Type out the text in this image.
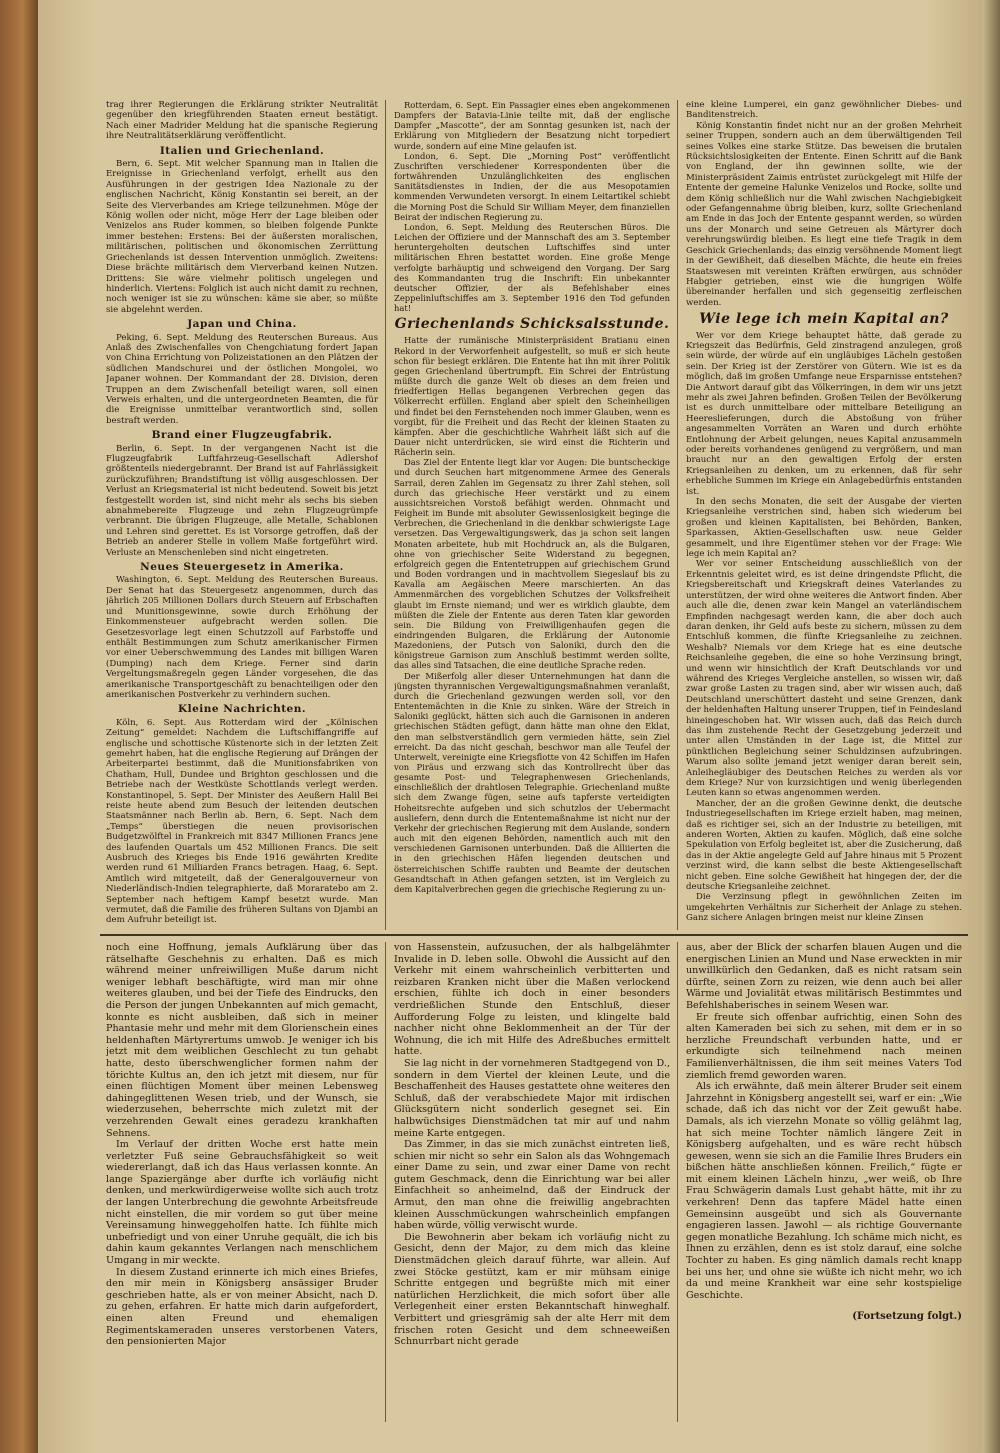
trag ihrer Regierungen die Erklärung strikter Neutralität gegenüber den kriegführenden Staaten erneut bestätigt. Nach einer Madrider Meldung hat die spanische Regierung ihre Neutralitätserklärung veröffentlicht.

Italien und Griechenland.

Bern, 6. Sept. Mit welcher Spannung man in Italien die Ereignisse in Griechenland verfolgt, erhellt aus den Ausführungen in der gestrigen Idea Nazionale zu der englischen Nachricht, König Konstantin sei bereit, an der Seite des Vierverbandes am Kriege teilzunehmen. Möge der König wollen oder nicht, möge Herr der Lage bleiben oder Venizelos ans Ruder kommen, so bleiben folgende Punkte immer bestehen: Erstens: Bei der äußersten moralischen, militärischen, politischen und ökonomischen Zerrüttung Griechenlands ist dessen Intervention unmöglich. Zweitens: Diese brächte militärisch dem Vierverband keinen Nutzen. Drittens: Sie wäre vielmehr politisch ungelegen und hinderlich. Viertens: Folglich ist auch nicht damit zu rechnen, noch weniger ist sie zu wünschen: käme sie aber, so müßte sie abgelehnt werden.

Japan und China.

Peking, 6. Sept. Meldung des Reuterschen Bureaus. Aus Anlaß des Zwischenfalles von Chengchiatung fordert Japan von China Errichtung von Polizeistationen an den Plätzen der südlichen Mandschurei und der östlichen Mongolei, wo Japaner wohnen. Der Kommandant der 28. Division, deren Truppen an dem Zwischenfall beteiligt waren, soll einen Verweis erhalten, und die untergeordneten Beamten, die für die Ereignisse unmittelbar verantwortlich sind, sollen bestraft werden.

Brand einer Flugzeugfabrik.

Berlin, 6. Sept. In der vergangenen Nacht ist die Flugzeugfabrik Luftfahrzeug-Gesellschaft Adlershof größtenteils niedergebrannt. Der Brand ist auf Fahrlässigkeit zurückzuführen; Brandstiftung ist völlig ausgeschlossen. Der Verlust an Kriegsmaterial ist nicht bedeutend. Soweit bis jetzt festgestellt worden ist, sind nicht mehr als sechs bis sieben abnahmebereite Flugzeuge und zehn Flugzeugrümpfe verbrannt. Die übrigen Flugzeuge, alle Metalle, Schablonen und Lehren sind gerettet. Es ist Vorsorge getroffen, daß der Betrieb an anderer Stelle in vollem Maße fortgeführt wird. Verluste an Menschenleben sind nicht eingetreten.

Neues Steuergesetz in Amerika.

Washington, 6. Sept. Meldung des Reuterschen Bureaus. Der Senat hat das Steuergesetz angenommen, durch das jährlich 205 Millionen Dollars durch Steuern auf Erbschaften und Munitionsgewinne, sowie durch Erhöhung der Einkommensteuer aufgebracht werden sollen. Die Gesetzesvorlage legt einen Schutzzoll auf Farbstoffe und enthält Bestimmungen zum Schutz amerikanischer Firmen vor einer Ueberschwemmung des Landes mit billigen Waren (Dumping) nach dem Kriege. Ferner sind darin Vergeltungsmaßregeln gegen Länder vorgesehen, die das amerikanische Transportgeschäft zu benachteiligen oder den amerikanischen Postverkehr zu verhindern suchen.

Kleine Nachrichten.

Köln, 6. Sept. Aus Rotterdam wird der „Kölnischen Zeitung“ gemeldet: Nachdem die Luftschiffangriffe auf englische und schottische Küstenorte sich in der letzten Zeit gemehrt haben, hat die englische Regierung auf Drängen der Arbeiterpartei bestimmt, daß die Munitionsfabriken von Chatham, Hull, Dundee und Brighton geschlossen und die Betriebe nach der Westküste Schottlands verlegt werden. Konstantinopel, 5. Sept. Der Minister des Aeußern Halil Bei reiste heute abend zum Besuch der leitenden deutschen Staatsmänner nach Berlin ab. Bern, 6. Sept. Nach dem „Temps“ überstiegen die neuen provisorischen Budgetzwölftel in Frankreich mit 8347 Millionen Francs jene des laufenden Quartals um 452 Millionen Francs. Die seit Ausbruch des Krieges bis Ende 1916 gewährten Kredite werden rund 61 Milliarden Francs betragen. Haag, 6. Sept. Amtlich wird mitgeteilt, daß der Generalgouverneur von Niederländisch-Indien telegraphierte, daß Moraratebo am 2. September nach heftigem Kampf besetzt wurde. Man vermutet, daß die Familie des früheren Sultans von Djambi an dem Aufruhr beteiligt ist.

Rotterdam, 6. Sept. Ein Passagier eines eben angekommenen Dampfers der Batavia-Linie teilte mit, daß der englische Dampfer „Mascotte“, der am Sonntag gesunken ist, nach der Erklärung von Mitgliedern der Besatzung nicht torpediert wurde, sondern auf eine Mine gelaufen ist.

London, 6. Sept. Die „Morning Post“ veröffentlicht Zuschriften verschiedener Korrespondenten über die fortwährenden Unzulänglichkeiten des englischen Sanitätsdienstes in Indien, der die aus Mesopotamien kommenden Verwundeten versorgt. In einem Leitartikel schiebt die Morning Post die Schuld Sir William Meyer, dem finanziellen Beirat der indischen Regierung zu.

London, 6. Sept. Meldung des Reuterschen Büros. Die Leichen der Offiziere und der Mannschaft des am 3. September heruntergeholten deutschen Luftschiffes sind unter militärischen Ehren bestattet worden. Eine große Menge verfolgte barhäuptig und schweigend den Vorgang. Der Sarg des Kommandanten trug die Inschrift: Ein unbekannter deutscher Offizier, der als Befehlshaber eines Zeppelinluftschiffes am 3. September 1916 den Tod gefunden hat!

Griechenlands Schicksalsstunde.

Hatte der rumänische Ministerpräsident Bratianu einen Rekord in der Verworfenheit aufgestellt, so muß er sich heute schon für besiegt erklären. Die Entente hat ihn mit ihrer Politik gegen Griechenland übertrumpft. Ein Schrei der Entrüstung müßte durch die ganze Welt ob dieses an dem freien und friedfertigen Hellas begangenen Verbrechen gegen das Völkerrecht erfüllen. England aber spielt den Scheinheiligen und findet bei den Fernstehenden noch immer Glauben, wenn es vorgibt, für die Freiheit und das Recht der kleinen Staaten zu kämpfen. Aber die geschichtliche Wahrheit läßt sich auf die Dauer nicht unterdrücken, sie wird einst die Richterin und Rächerin sein.

Das Ziel der Entente liegt klar vor Augen: Die buntscheckige und durch Seuchen hart mitgenommene Armee des Generals Sarrail, deren Zahlen im Gegensatz zu ihrer Zahl stehen, soll durch das griechische Heer verstärkt und zu einem aussichtsreichen Vorstoß befähigt werden. Ohnmacht und Feigheit im Bunde mit absoluter Gewissenlosigkeit beginge die Verbrechen, die Griechenland in die denkbar schwierigste Lage versetzen. Das Vergewaltigungswerk, das ja schon seit langen Monaten arbeitete, hub mit Hochdruck an, als die Bulgaren, ohne von griechischer Seite Widerstand zu begegnen, erfolgreich gegen die Ententetruppen auf griechischem Grund und Boden vordrangen und in machtvollem Siegeslauf bis zu Kavalla am Aegäischen Meere marschierten. An das Ammenmärchen des vorgeblichen Schutzes der Volksfreiheit glaubt im Ernste niemand; und wer es wirklich glaubte, dem müßten die Ziele der Entente aus deren Taten klar geworden sein. Die Bildung von Freiwilligenhaufen gegen die eindringenden Bulgaren, die Erklärung der Autonomie Mazedoniens, der Putsch von Saloniki, durch den die königstreue Garnison zum Anschluß bestimmt werden sollte, das alles sind Tatsachen, die eine deutliche Sprache reden.

Der Mißerfolg aller dieser Unternehmungen hat dann die jüngsten thyrannischen Vergewaltigungsmaßnahmen veranlaßt, durch die Griechenland gezwungen werden soll, vor den Ententemächten in die Knie zu sinken. Wäre der Streich in Saloniki geglückt, hätten sich auch die Garnisonen in anderen griechischen Städten gefügt, dann hätte man ohne den Eklat, den man selbstverständlich gern vermieden hätte, sein Ziel erreicht. Da das nicht geschah, beschwor man alle Teufel der Unterwelt, vereinigte eine Kriegsflotte von 42 Schiffen im Hafen von Piräus und erzwang sich das Kontrollrecht über das gesamte Post- und Telegraphenwesen Griechenlands, einschließlich der drahtlosen Telegraphie. Griechenland mußte sich dem Zwange fügen, seine aufs tapferste verteidigten Hoheitsrechte aufgeben und sich schutzlos der Uebermacht ausliefern, denn durch die Ententemaßnahme ist nicht nur der Verkehr der griechischen Regierung mit dem Auslande, sondern auch mit den eigenen Behörden, namentlich auch mit den verschiedenen Garnisonen unterbunden. Daß die Alliierten die in den griechischen Häfen liegenden deutschen und österreichischen Schiffe raubten und Beamte der deutschen Gesandtschaft in Athen gefangen setzten, ist im Vergleich zu dem Kapitalverbrechen gegen die griechische Regierung zu un-

eine kleine Lumperei, ein ganz gewöhnlicher Diebes- und Banditenstreich.

König Konstantin findet nicht nur an der großen Mehrheit seiner Truppen, sondern auch an dem überwältigenden Teil seines Volkes eine starke Stütze. Das beweisen die brutalen Rücksichtslosigkeiten der Entente. Einen Schritt auf die Bank von England, der ihn gewinnen sollte, wie der Ministerpräsident Zaimis entrüstet zurückgelegt mit Hilfe der Entente der gemeine Halunke Venizelos und Rocke, sollte und dem König schließlich nur die Wahl zwischen Nachgiebigkeit oder Gefangennahme übrig bleiben, kurz, sollte Griechenland am Ende in das Joch der Entente gespannt werden, so würden uns der Monarch und seine Getreuen als Märtyrer doch verehrungswürdig bleiben. Es liegt eine tiefe Tragik in dem Geschick Griechenlands; das einzig versöhnende Moment liegt in der Gewißheit, daß dieselben Mächte, die heute ein freies Staatswesen mit vereinten Kräften erwürgen, aus schnöder Habgier getrieben, einst wie die hungrigen Wölfe übereinander herfallen und sich gegenseitig zerfleischen werden.

Wie lege ich mein Kapital an?

Wer vor dem Kriege behauptet hätte, daß gerade zu Kriegszeit das Bedürfnis, Geld zinstragend anzulegen, groß sein würde, der würde auf ein ungläubiges Lächeln gestoßen sein. Der Krieg ist der Zerstörer von Gütern. Wie ist es da möglich, daß im großen Umfange neue Ersparnisse entstehen? Die Antwort darauf gibt das Völkerringen, in dem wir uns jetzt mehr als zwei Jahren befinden. Großen Teilen der Bevölkerung ist es durch unmittelbare oder mittelbare Beteiligung an Heereslieferungen, durch die Abstoßung von früher angesammelten Vorräten an Waren und durch erhöhte Entlohnung der Arbeit gelungen, neues Kapital anzusammeln oder bereits vorhandenes genügend zu vergrößern, und man braucht nur an den gewaltigen Erfolg der ersten Kriegsanleihen zu denken, um zu erkennen, daß für sehr erhebliche Summen im Kriege ein Anlagebedürfnis entstanden ist.

In den sechs Monaten, die seit der Ausgabe der vierten Kriegsanleihe verstrichen sind, haben sich wiederum bei großen und kleinen Kapitalisten, bei Behörden, Banken, Sparkassen, Aktien-Gesellschaften usw. neue Gelder gesammelt, und ihre Eigentümer stehen vor der Frage: Wie lege ich mein Kapital an?

Wer vor seiner Entscheidung ausschließlich von der Erkenntnis geleitet wird, es ist deine dringendste Pflicht, die Kriegsbereitschaft und Kriegskraft deines Vaterlandes zu unterstützen, der wird ohne weiteres die Antwort finden. Aber auch alle die, denen zwar kein Mangel an vaterländischem Empfinden nachgesagt werden kann, die aber doch auch daran denken, ihr Geld aufs beste zu sichern, müssen zu dem Entschluß kommen, die fünfte Kriegsanleihe zu zeichnen. Weshalb? Niemals vor dem Kriege hat es eine deutsche Reichsanleihe gegeben, die eine so hohe Verzinsung bringt, und wenn wir hinsichtlich der Kraft Deutschlands vor und während des Krieges Vergleiche anstellen, so wissen wir, daß zwar große Lasten zu tragen sind, aber wir wissen auch, daß Deutschland unerschüttert dasteht und seine Grenzen, dank der heldenhaften Haltung unserer Truppen, tief in Feindesland hineingeschoben hat. Wir wissen auch, daß das Reich durch das ihm zustehende Recht der Gesetzgebung jederzeit und unter allen Umständen in der Lage ist, die Mittel zur pünktlichen Begleichung seiner Schuldzinsen aufzubringen. Warum also sollte jemand jetzt weniger daran bereit sein, Anleihegläubiger des Deutschen Reiches zu werden als vor dem Kriege? Nur von kurzsichtigen und wenig überlegenden Leuten kann so etwas angenommen werden.

Mancher, der an die großen Gewinne denkt, die deutsche Industriegesellschaften im Kriege erzielt haben, mag meinen, daß es richtiger sei, sich an der Industrie zu beteiligen, mit anderen Worten, Aktien zu kaufen. Möglich, daß eine solche Spekulation von Erfolg begleitet ist, aber die Zusicherung, daß das in der Aktie angelegte Geld auf Jahre hinaus mit 5 Prozent verzinst wird, die kann selbst die beste Aktiengesellschaft nicht geben. Eine solche Gewißheit hat hingegen der, der die deutsche Kriegsanleihe zeichnet.

Die Verzinsung pflegt in gewöhnlichen Zeiten im umgekehrten Verhältnis zur Sicherheit der Anlage zu stehen. Ganz sichere Anlagen bringen meist nur kleine Zinsen

noch eine Hoffnung, jemals Aufklärung über das rätselhafte Geschehnis zu erhalten. Daß es mich während meiner unfreiwilligen Muße darum nicht weniger lebhaft beschäftigte, wird man mir ohne weiteres glauben, und bei der Tiefe des Eindrucks, den die Person der jungen Unbekannten auf mich gemacht, konnte es nicht ausbleiben, daß sich in meiner Phantasie mehr und mehr mit dem Glorienschein eines heldenhaften Märtyrertums umwob. Je weniger ich bis jetzt mit dem weiblichen Geschlecht zu tun gehabt hatte, desto überschwenglicher formen nahm der törichte Kultus an, den ich jetzt mit diesem, nur für einen flüchtigen Moment über meinen Lebensweg dahingeglittenen Wesen trieb, und der Wunsch, sie wiederzusehen, beherrschte mich zuletzt mit der verzehrenden Gewalt eines geradezu krankhaften Sehnens.

Im Verlauf der dritten Woche erst hatte mein verletzter Fuß seine Gebrauchsfähigkeit so weit wiedererlangt, daß ich das Haus verlassen konnte. An lange Spaziergänge aber durfte ich vorläufig nicht denken, und merkwürdigerweise wollte sich auch trotz der langen Unterbrechung die gewohnte Arbeitsfreude nicht einstellen, die mir vordem so gut über meine Vereinsamung hinweggeholfen hatte. Ich fühlte mich unbefriedigt und von einer Unruhe gequält, die ich bis dahin kaum gekanntes Verlangen nach menschlichem Umgang in mir weckte.

In diesem Zustand erinnerte ich mich eines Briefes, den mir mein in Königsberg ansässiger Bruder geschrieben hatte, als er von meiner Absicht, nach D. zu gehen, erfahren. Er hatte mich darin aufgefordert, einen alten Freund und ehemaligen Regimentskameraden unseres verstorbenen Vaters, den pensionierten Major

von Hassenstein, aufzusuchen, der als halbgelähmter Invalide in D. leben solle. Obwohl die Aussicht auf den Verkehr mit einem wahrscheinlich verbitterten und reizbaren Kranken nicht über die Maßen verlockend erschien, fühlte ich doch in einer besonders verdrießlichen Stunde den Entschluß, dieser Aufforderung Folge zu leisten, und klingelte bald nachher nicht ohne Beklommenheit an der Tür der Wohnung, die ich mit Hilfe des Adreßbuches ermittelt hatte.

Sie lag nicht in der vornehmeren Stadtgegend von D., sondern in dem Viertel der kleinen Leute, und die Beschaffenheit des Hauses gestattete ohne weiteres den Schluß, daß der verabschiedete Major mit irdischen Glücksgütern nicht sonderlich gesegnet sei. Ein halbwüchsiges Dienstmädchen tat mir auf und nahm meine Karte entgegen.

Das Zimmer, in das sie mich zunächst eintreten ließ, schien mir nicht so sehr ein Salon als das Wohngemach einer Dame zu sein, und zwar einer Dame von recht gutem Geschmack, denn die Einrichtung war bei aller Einfachheit so anheimelnd, daß der Eindruck der Armut, den man ohne die freiwillig angebrachten kleinen Ausschmückungen wahrscheinlich empfangen haben würde, völlig verwischt wurde.

Die Bewohnerin aber bekam ich vorläufig nicht zu Gesicht, denn der Major, zu dem mich das kleine Dienstmädchen gleich darauf führte, war allein. Auf zwei Stöcke gestützt, kam er mir mühsam einige Schritte entgegen und begrüßte mich mit einer natürlichen Herzlichkeit, die mich sofort über alle Verlegenheit einer ersten Bekanntschaft hinweghalf. Verbittert und griesgrämig sah der alte Herr mit dem frischen roten Gesicht und dem schneeweißen Schnurrbart nicht gerade

aus, aber der Blick der scharfen blauen Augen und die energischen Linien an Mund und Nase erweckten in mir unwillkürlich den Gedanken, daß es nicht ratsam sein dürfte, seinen Zorn zu reizen, wie denn auch bei aller Wärme und Jovialität etwas militärisch Bestimmtes und Befehlshaberisches in seinem Wesen war.

Er freute sich offenbar aufrichtig, einen Sohn des alten Kameraden bei sich zu sehen, mit dem er in so herzliche Freundschaft verbunden hatte, und er erkundigte sich teilnehmend nach meinen Familienverhältnissen, die ihm seit meines Vaters Tod ziemlich fremd geworden waren.

Als ich erwähnte, daß mein älterer Bruder seit einem Jahrzehnt in Königsberg angestellt sei, warf er ein: „Wie schade, daß ich das nicht vor der Zeit gewußt habe. Damals, als ich vierzehn Monate so völlig gelähmt lag, hat sich meine Tochter nämlich längere Zeit in Königsberg aufgehalten, und es wäre recht hübsch gewesen, wenn sie sich an die Familie Ihres Bruders ein bißchen hätte anschließen können. Freilich,“ fügte er mit einem kleinen Lächeln hinzu, „wer weiß, ob Ihre Frau Schwägerin damals Lust gehabt hätte, mit ihr zu verkehren! Denn das tapfere Mädel hatte einen Gemeinsinn ausgeübt und sich als Gouvernante engagieren lassen. Jawohl — als richtige Gouvernante gegen monatliche Bezahlung. Ich schäme mich nicht, es Ihnen zu erzählen, denn es ist stolz darauf, eine solche Tochter zu haben. Es ging nämlich damals recht knapp bei uns her, und ohne sie wüßte ich nicht mehr, wo ich da und meine Krankheit war eine sehr kostspielige Geschichte.

(Fortsetzung folgt.)
